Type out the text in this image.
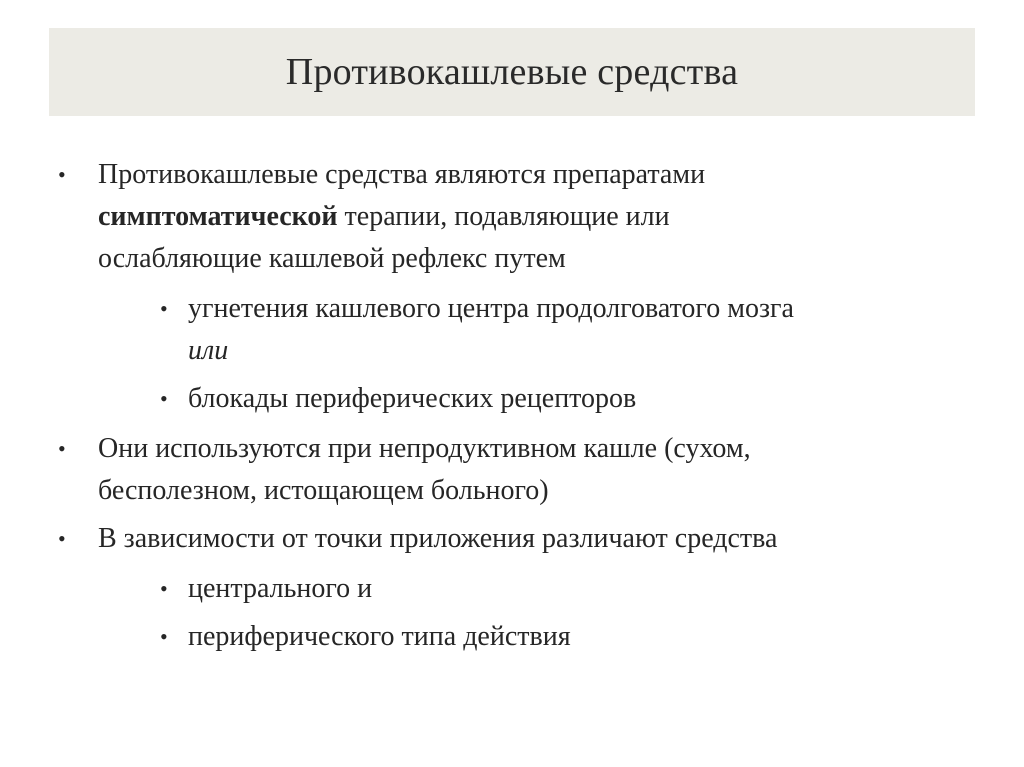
Противокашлевые средства
• Противокашлевые средства являются препаратами
симптоматической терапии, подавляющие или
ослабляющие кашлевой рефлекс путем
• угнетения кашлевого центра продолговатого мозга
или
• блокады периферических рецепторов
• Они используются при непродуктивном кашле (сухом,
бесполезном, истощающем больного)
• В зависимости от точки приложения различают средства
• центрального и
• периферического типа действия
